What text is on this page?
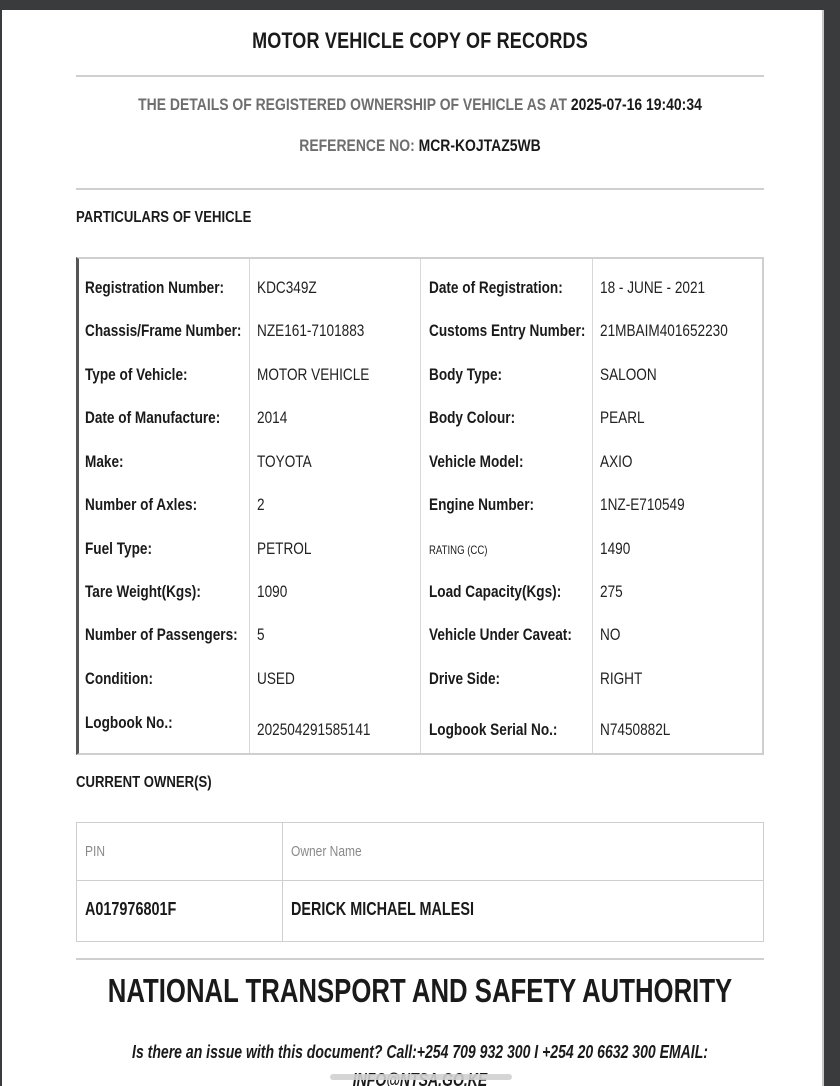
MOTOR VEHICLE COPY OF RECORDS
THE DETAILS OF REGISTERED OWNERSHIP OF VEHICLE AS AT 2025-07-16 19:40:34
REFERENCE NO: MCR-KOJTAZ5WB
PARTICULARS OF VEHICLE
Registration Number: KDC349Z	Date of Registration: 18 - JUNE - 2021
Chassis/Frame Number: NZE161-7101883	Customs Entry Number: 21MBAIM401652230
Type of Vehicle:	MOTOR VEHICLE	Body Type:	SALOON
Date of Manufacture: 2014	Body Colour:	PEARL
Make:	TOYOTA	Vehicle Model:	AXIO
Number of Axles:	2	Engine Number:	1NZ-E710549
Fuel Type:	PETROL	RATING (CC)	1490
Tare Weight(Kgs):	1090	Load Capacity(Kgs): 275
Number of Passengers: 5	Vehicle Under Caveat: NO
Condition:	USED	Drive Side:	RIGHT
Logbook No.:	202504291585141	Logbook Serial No.:	N7450882L
CURRENT OWNER(S)
PIN	Owner Name
A017976801F	DERICK MICHAEL MALESI
NATIONAL TRANSPORT AND SAFETY AUTHORITY
Is there an issue with this document? Call:+254 709 932 300 I +254 20 6632 300 EMAIL:
